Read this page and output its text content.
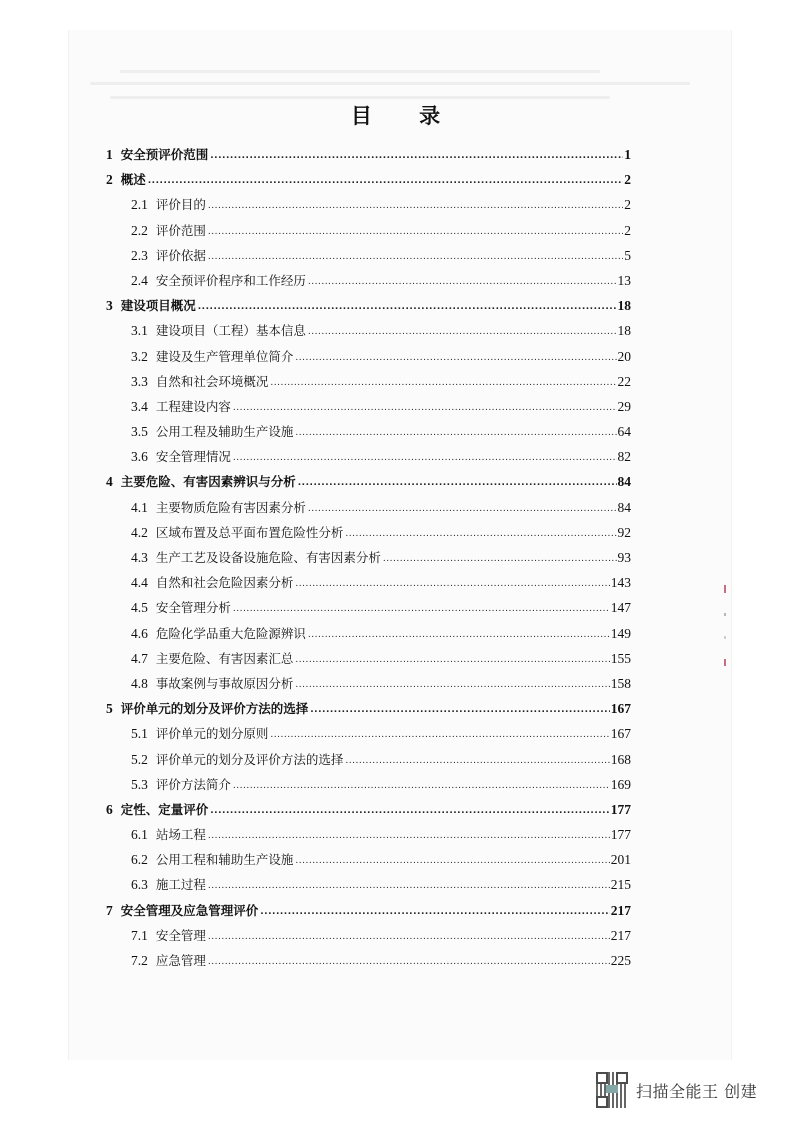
目 录
1 安全预评价范围 .....	1
2 概述 .....	2
2.1 评价目的 .....	2
2.2 评价范围 .....	2
2.3 评价依据 .....	5
2.4 安全预评价程序和工作经历 .....	13
3 建设项目概况 .....	18
3.1 建设项目（工程）基本信息 .....	18
3.2 建设及生产管理单位简介 .....	20
3.3 自然和社会环境概况 .....	22
3.4 工程建设内容 .....	29
3.5 公用工程及辅助生产设施 .....	64
3.6 安全管理情况 .....	82
4 主要危险、有害因素辨识与分析 .....	84
4.1 主要物质危险有害因素分析 .....	84
4.2 区域布置及总平面布置危险性分析 .....	92
4.3 生产工艺及设备设施危险、有害因素分析 .....	93
4.4 自然和社会危险因素分析 .....	143
4.5 安全管理分析 .....	147
4.6 危险化学品重大危险源辨识 .....	149
4.7 主要危险、有害因素汇总 .....	155
4.8 事故案例与事故原因分析 .....	158
5 评价单元的划分及评价方法的选择 .....	167
5.1 评价单元的划分原则 .....	167
5.2 评价单元的划分及评价方法的选择 .....	168
5.3 评价方法简介 .....	169
6 定性、定量评价 .....	177
6.1 站场工程 .....	177
6.2 公用工程和辅助生产设施 .....	201
6.3 施工过程 .....	215
7 安全管理及应急管理评价 .....	217
7.1 安全管理 .....	217
7.2 应急管理 .....	225
扫描全能王 创建
